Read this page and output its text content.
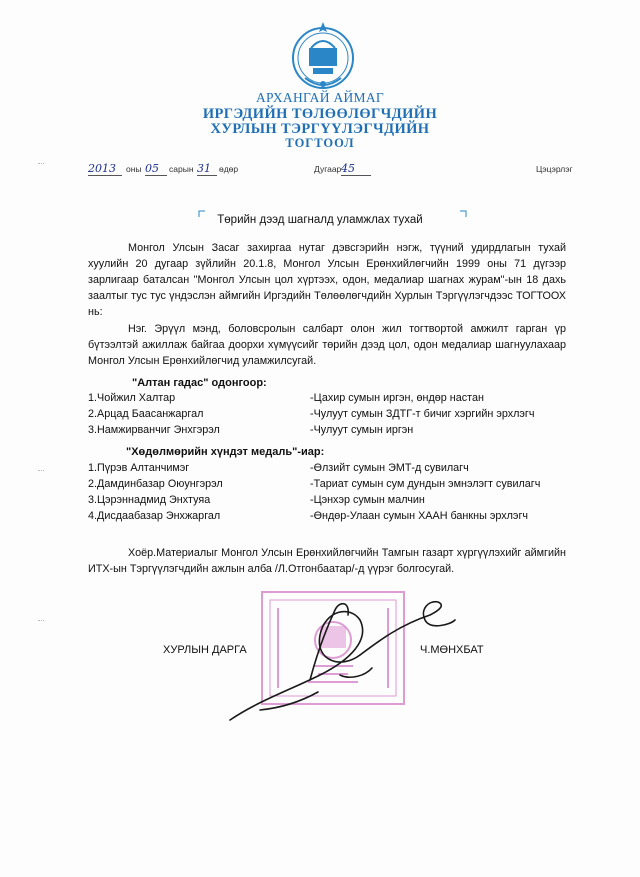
АРХАНГАЙ АЙМАГ
ИРГЭДИЙН ТӨЛӨӨЛӨГЧДИЙН
ХУРЛЫН ТЭРГҮҮЛЭГЧДИЙН
ТОГТООЛ
2013	оны 05	сарын 31 өдөр	Дугаар 45	Цэцэрлэг
Төрийн дээд шагналд уламжлах тухай
Монгол Улсын Засаг захиргаа нутаг дэвсгэрийн нэгж, түүний удирдлагын тухай хуулийн 20 дугаар зүйлийн 20.1.8, Монгол Улсын Ерөнхийлөгчийн 1999 оны 71 дүгээр зарлигаар баталсан "Монгол Улсын цол хүртээх, одон, медалиар шагнах журам"-ын 18 дахь заалтыг тус тус үндэслэн аймгийн Иргэдийн Төлөөлөгчдийн Хурлын Тэргүүлэгчдээс ТОГТООХ нь:
Нэг. Эрүүл мэнд, боловсролын салбарт олон жил тогтвортой амжилт гарган үр бүтээлтэй ажиллаж байгаа доорхи хүмүүсийг төрийн дээд цол, одон медалиар шагнуулахаар Монгол Улсын Ерөнхийлөгчид уламжилсугай.
"Алтан гадас" одонгоор:
1.Чойжил Халтар	-Цахир сумын иргэн, өндөр настан
2.Арцад Баасанжаргал	-Чулуут сумын ЗДТГ-т бичиг хэргийн эрхлэгч
3.Намжирванчиг Энхгэрэл	-Чулуут сумын иргэн
"Хөдөлмөрийн хүндэт медаль"-иар:
1.Пүрэв Алтанчимэг	-Өлзийт сумын ЭМТ-д сувилагч
2.Дамдинбазар Оюунгэрэл	-Тариат сумын сум дундын эмнэлэгт сувилагч
3.Цэрэннадмид Энхтуяа	-Цэнхэр сумын малчин
4.Дисдаабазар Энхжаргал	-Өндөр-Улаан сумын ХААН банкны эрхлэгч
Хоёр.Материалыг Монгол Улсын Ерөнхийлөгчийн Тамгын газарт хүргүүлэхийг аймгийн ИТХ-ын Тэргүүлэгчдийн ажлын алба /Л.Отгонбаатар/-д үүрэг болгосугай.
ХУРЛЫН ДАРГА	Ч.МӨНХБАТ
